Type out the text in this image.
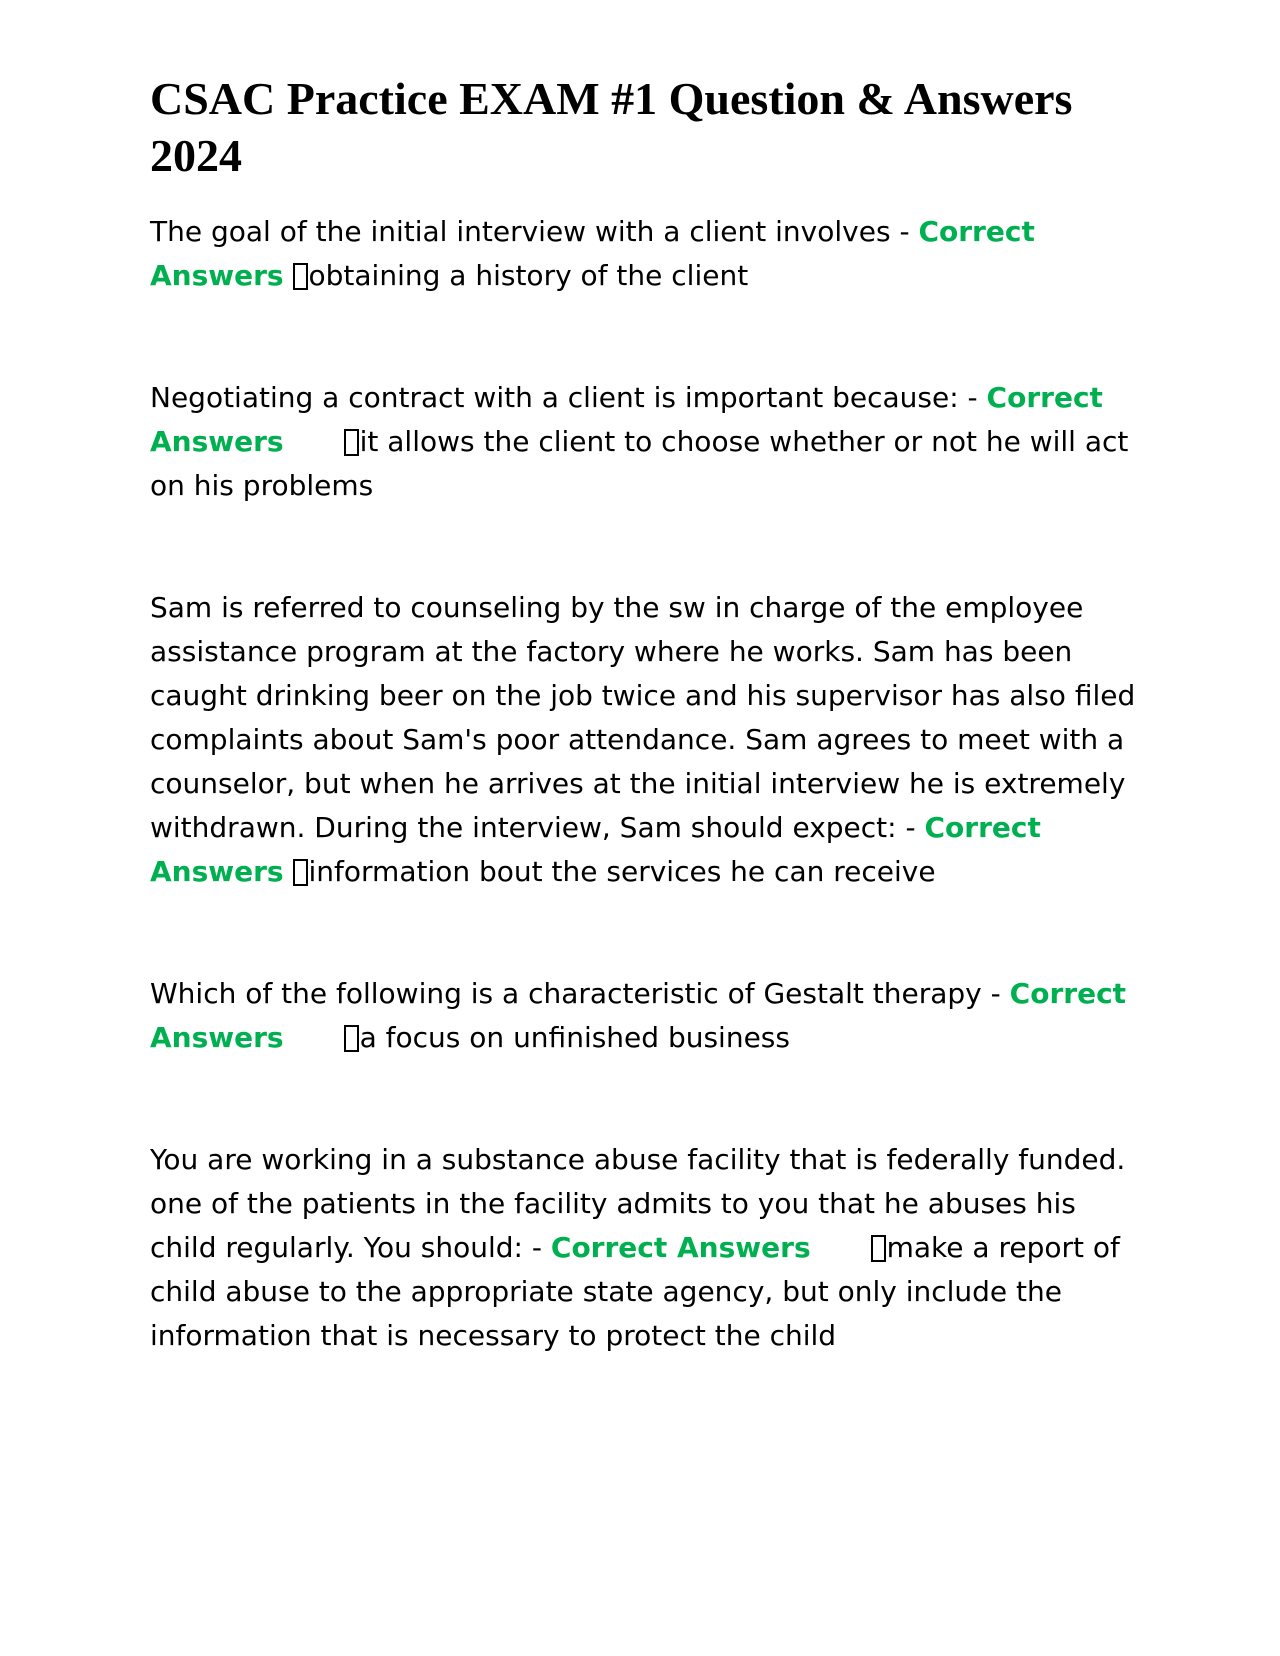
CSAC Practice EXAM #1 Question & Answers 2024

The goal of the initial interview with a client involves - Correct Answers obtaining a history of the client

Negotiating a contract with a client is important because: - Correct Answers	it allows the client to choose whether or not he will act on his problems

Sam is referred to counseling by the sw in charge of the employee assistance program at the factory where he works. Sam has been caught drinking beer on the job twice and his supervisor has also filed complaints about Sam's poor attendance. Sam agrees to meet with a counselor, but when he arrives at the initial interview he is extremely withdrawn. During the interview, Sam should expect: - Correct Answers information bout the services he can receive

Which of the following is a characteristic of Gestalt therapy - Correct Answers	a focus on unfinished business

You are working in a substance abuse facility that is federally funded. one of the patients in the facility admits to you that he abuses his child regularly. You should: - Correct Answers	make a report of child abuse to the appropriate state agency, but only include the information that is necessary to protect the child
